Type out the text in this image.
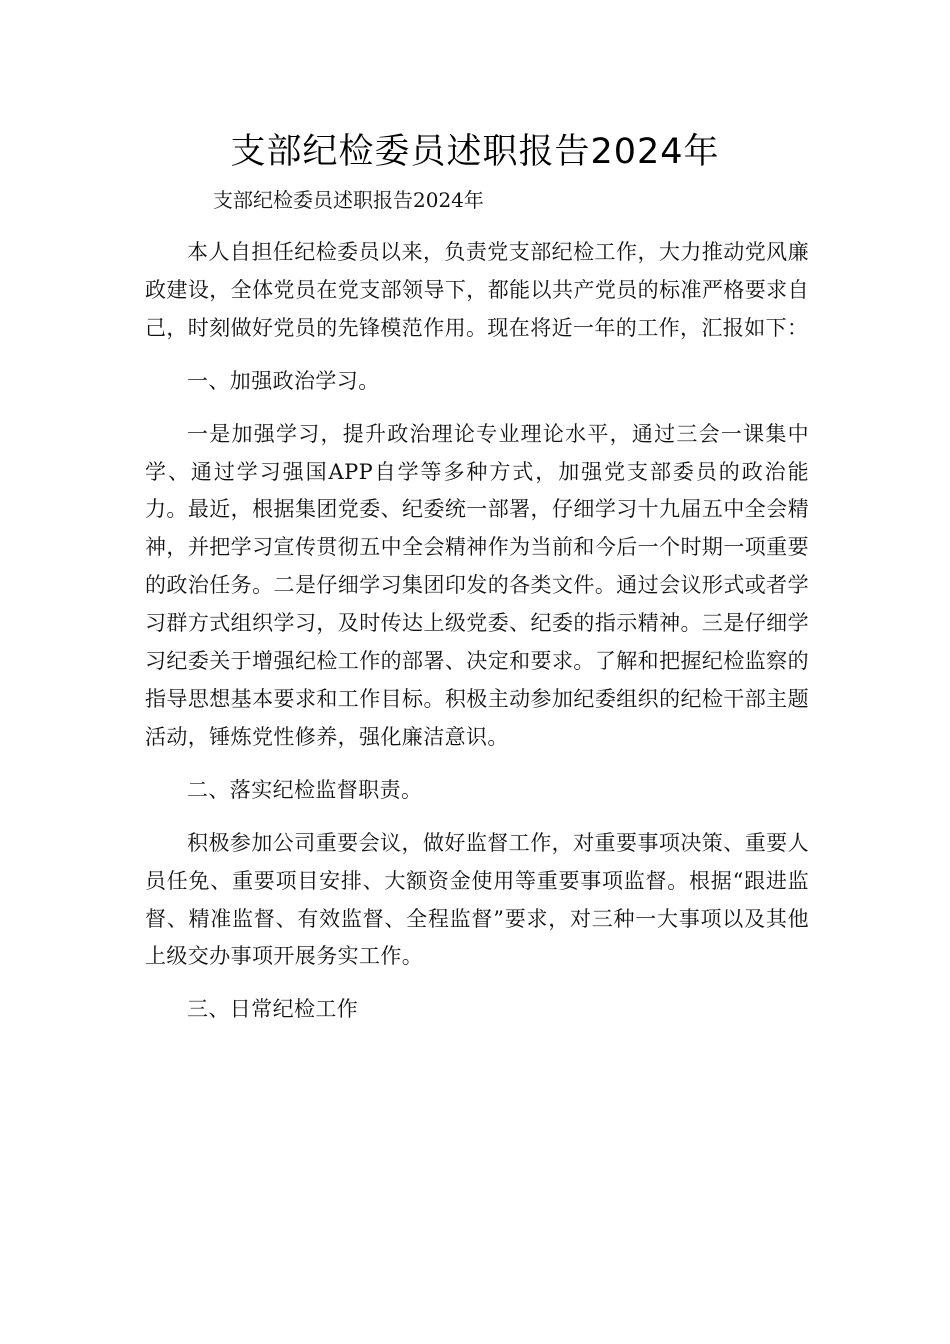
支部纪检委员述职报告2024年
支部纪检委员述职报告2024年

本人自担任纪检委员以来，负责党支部纪检工作，大力推动党风廉政建设，全体党员在党支部领导下，都能以共产党员的标准严格要求自己，时刻做好党员的先锋模范作用。现在将近一年的工作，汇报如下：

一、加强政治学习。

一是加强学习，提升政治理论专业理论水平，通过三会一课集中学、通过学习强国APP自学等多种方式，加强党支部委员的政治能力。最近，根据集团党委、纪委统一部署，仔细学习十九届五中全会精神，并把学习宣传贯彻五中全会精神作为当前和今后一个时期一项重要的政治任务。二是仔细学习集团印发的各类文件。通过会议形式或者学习群方式组织学习，及时传达上级党委、纪委的指示精神。三是仔细学习纪委关于增强纪检工作的部署、决定和要求。了解和把握纪检监察的指导思想基本要求和工作目标。积极主动参加纪委组织的纪检干部主题活动，锤炼党性修养，强化廉洁意识。

二、落实纪检监督职责。

积极参加公司重要会议，做好监督工作，对重要事项决策、重要人员任免、重要项目安排、大额资金使用等重要事项监督。根据“跟进监督、精准监督、有效监督、全程监督”要求，对三种一大事项以及其他上级交办事项开展务实工作。

三、日常纪检工作
